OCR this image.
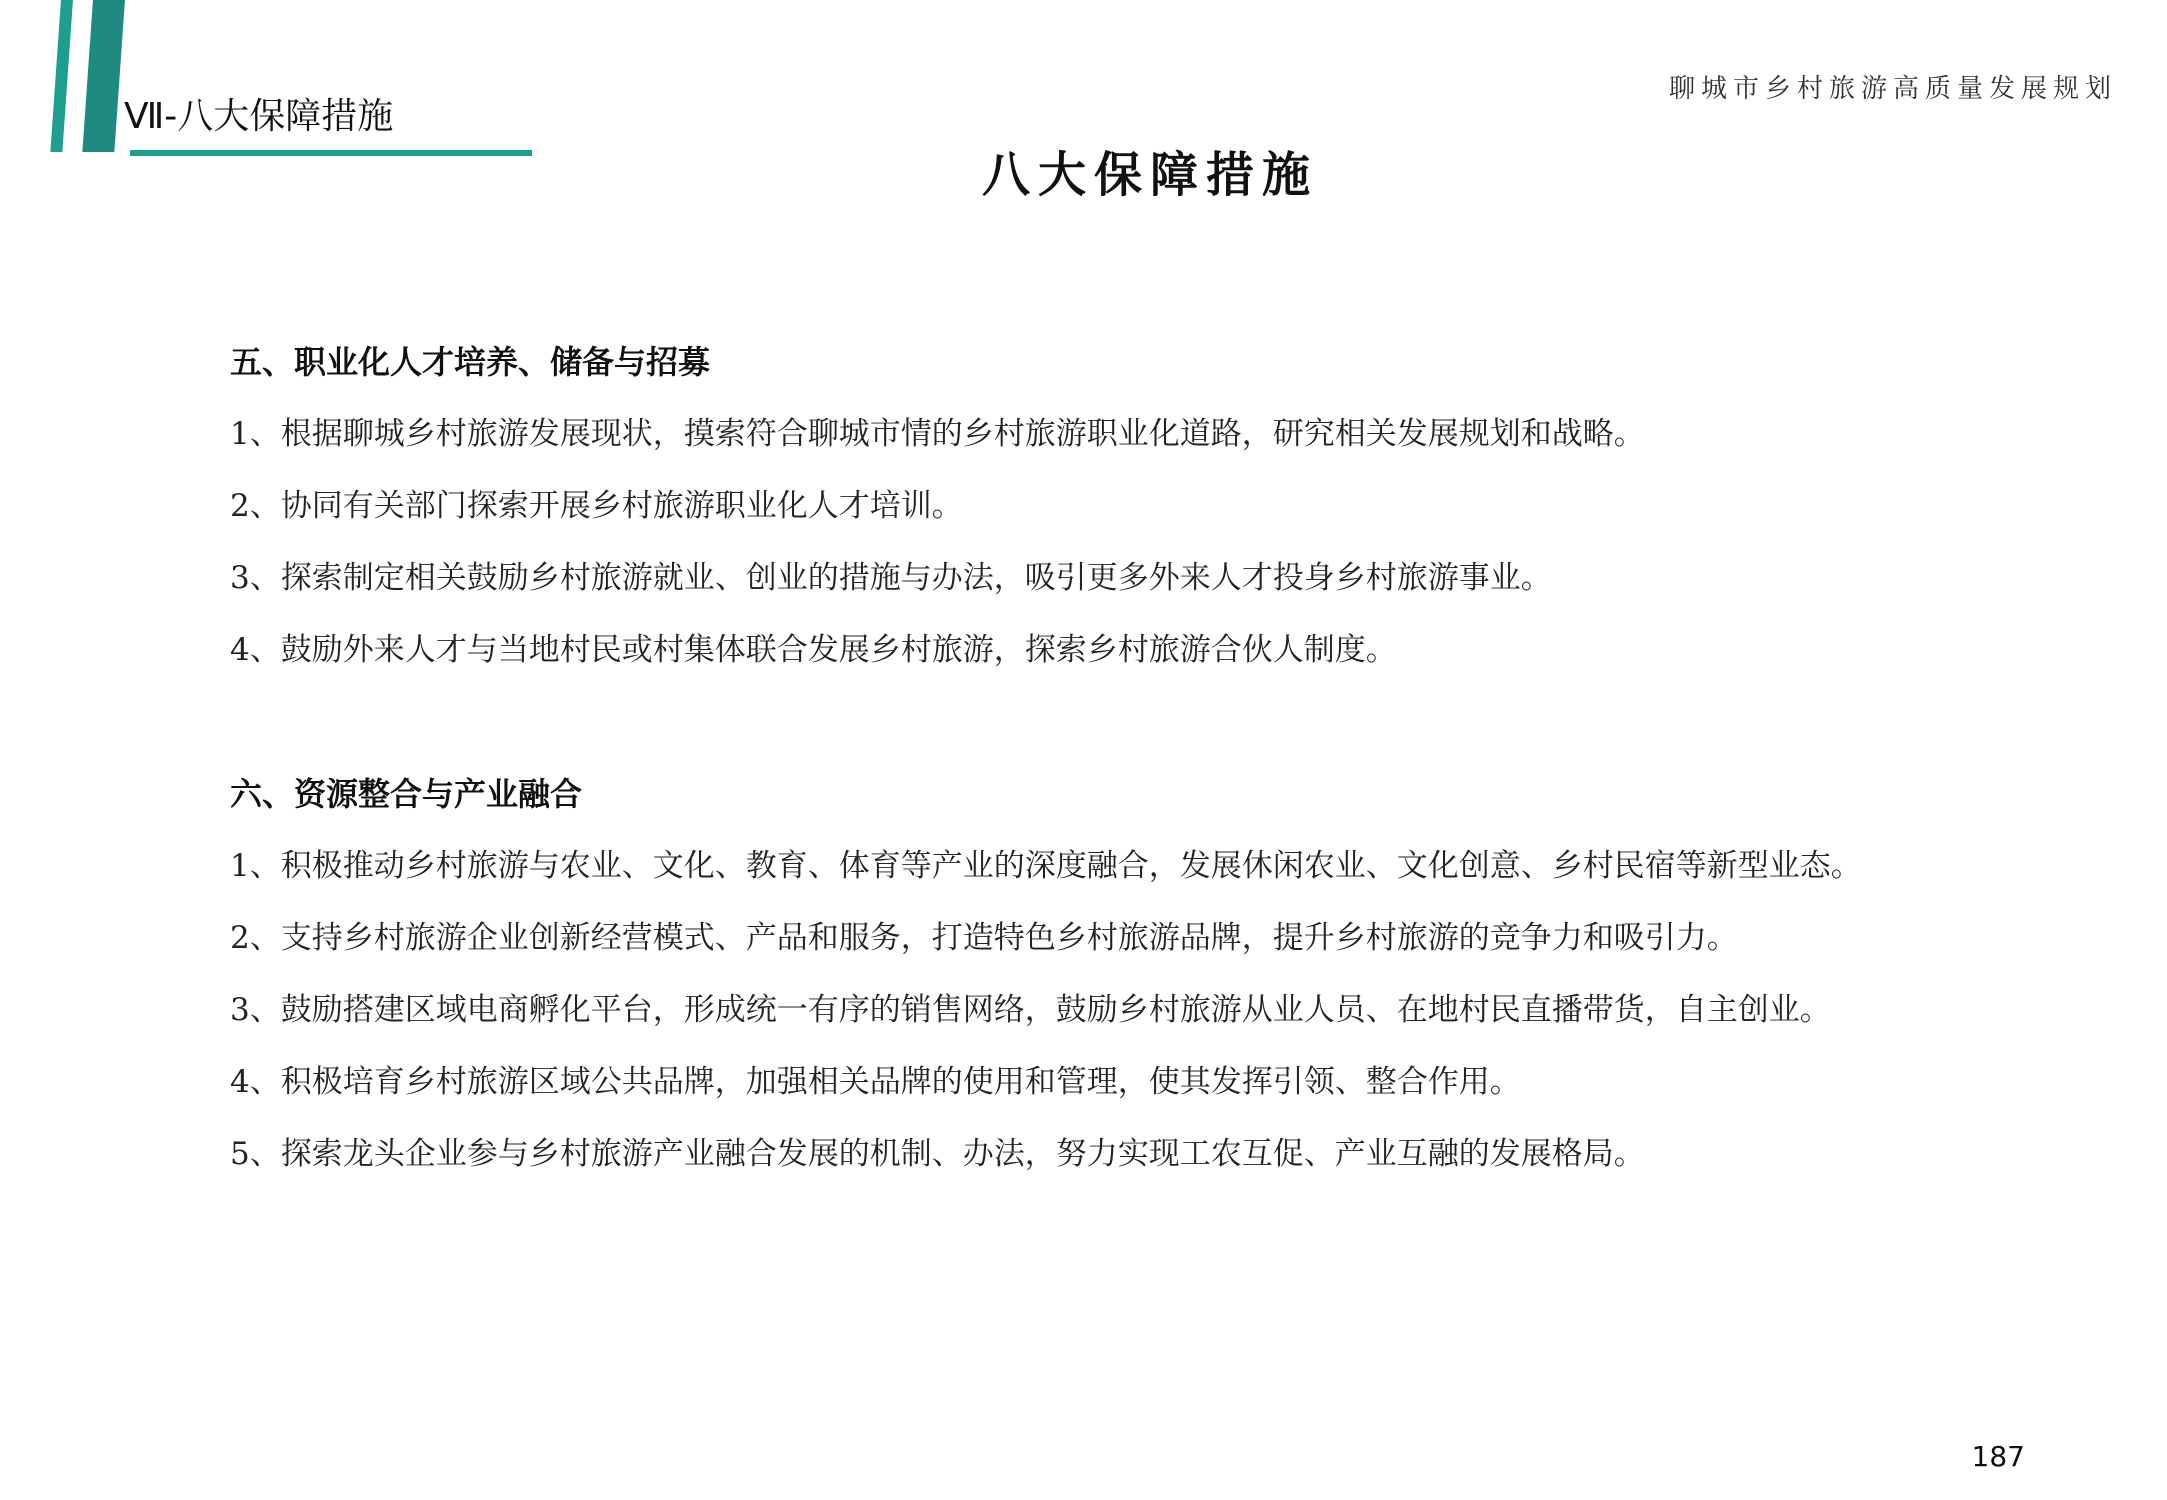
Ⅶ-八大保障措施
聊城市乡村旅游高质量发展规划
八大保障措施
五、职业化人才培养、储备与招募
1、根据聊城乡村旅游发展现状，摸索符合聊城市情的乡村旅游职业化道路，研究相关发展规划和战略。
2、协同有关部门探索开展乡村旅游职业化人才培训。
3、探索制定相关鼓励乡村旅游就业、创业的措施与办法，吸引更多外来人才投身乡村旅游事业。
4、鼓励外来人才与当地村民或村集体联合发展乡村旅游，探索乡村旅游合伙人制度。
六、资源整合与产业融合
1、积极推动乡村旅游与农业、文化、教育、体育等产业的深度融合，发展休闲农业、文化创意、乡村民宿等新型业态。
2、支持乡村旅游企业创新经营模式、产品和服务，打造特色乡村旅游品牌，提升乡村旅游的竞争力和吸引力。
3、鼓励搭建区域电商孵化平台，形成统一有序的销售网络，鼓励乡村旅游从业人员、在地村民直播带货，自主创业。
4、积极培育乡村旅游区域公共品牌，加强相关品牌的使用和管理，使其发挥引领、整合作用。
5、探索龙头企业参与乡村旅游产业融合发展的机制、办法，努力实现工农互促、产业互融的发展格局。
187
